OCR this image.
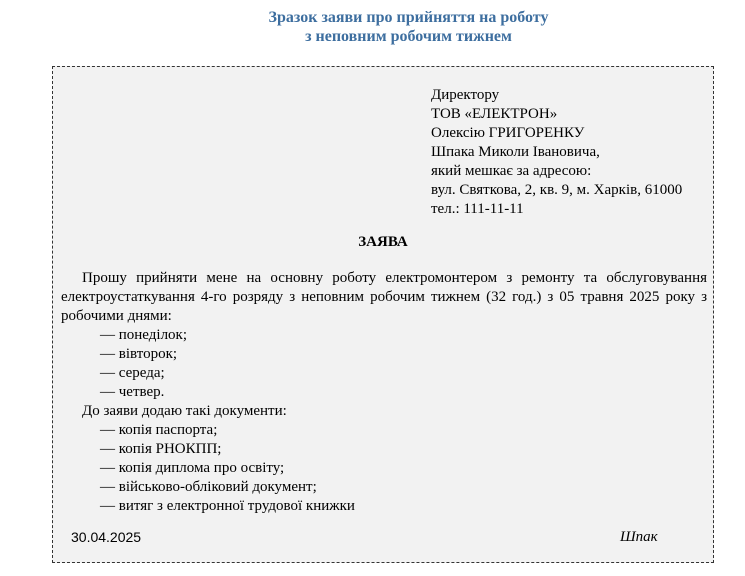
Зразок заяви про прийняття на роботу
з неповним робочим тижнем
Директору
ТОВ «ЕЛЕКТРОН»
Олексію ГРИГОРЕНКУ
Шпака Миколи Івановича,
який мешкає за адресою:
вул. Святкова, 2, кв. 9, м. Харків, 61000
тел.: 111-11-11
ЗАЯВА

Прошу прийняти мене на основну роботу електромонтером з ремонту та обслуговування електроустаткування 4-го розряду з неповним робочим тижнем (32 год.) з 05 травня 2025 року з робочими днями:

— понеділок;
— вівторок;
— середа;
— четвер.
До заяви додаю такі документи:
— копія паспорта;
— копія РНОКПП;
— копія диплома про освіту;
— військово-обліковий документ;
— витяг з електронної трудової книжки
30.04.2025	Шпак
